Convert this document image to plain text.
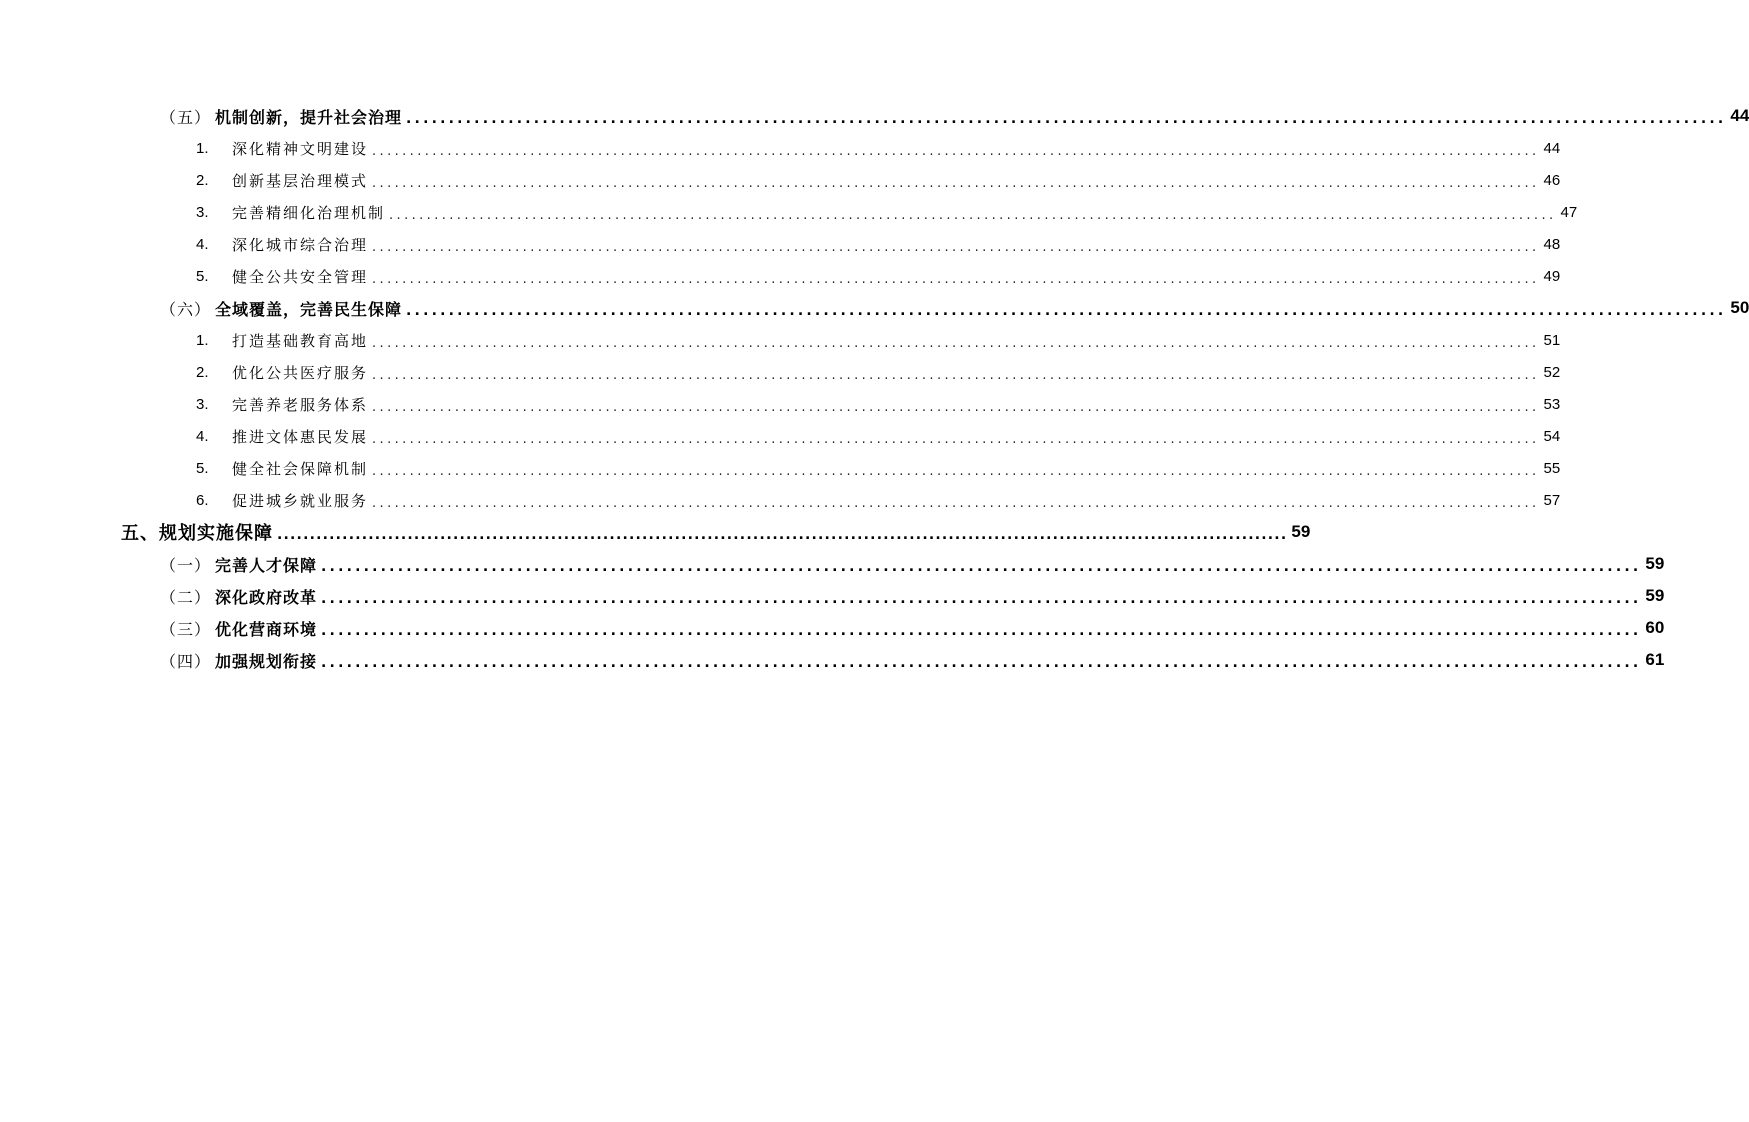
（五） 机制创新，提升社会治理 ........................................................................................................................................................... 44
1.	深化精神文明建设 ........................................................................................................................................................... 44
2.	创新基层治理模式 ........................................................................................................................................................... 46
3.	完善精细化治理机制 ........................................................................................................................................................... 47
4.	深化城市综合治理 ........................................................................................................................................................... 48
5.	健全公共安全管理 ........................................................................................................................................................... 49
（六） 全域覆盖，完善民生保障 ........................................................................................................................................................... 50
1.	打造基础教育高地 ........................................................................................................................................................... 51
2.	优化公共医疗服务 ........................................................................................................................................................... 52
3.	完善养老服务体系 ........................................................................................................................................................... 53
4.	推进文体惠民发展 ........................................................................................................................................................... 54
5.	健全社会保障机制 ........................................................................................................................................................... 55
6.	促进城乡就业服务 ........................................................................................................................................................... 57
五、 规划实施保障 ........................................................................................................................................................... 59
（一） 完善人才保障 ........................................................................................................................................................... 59
（二） 深化政府改革 ........................................................................................................................................................... 59
（三） 优化营商环境 ........................................................................................................................................................... 60
（四） 加强规划衔接 ........................................................................................................................................................... 61
